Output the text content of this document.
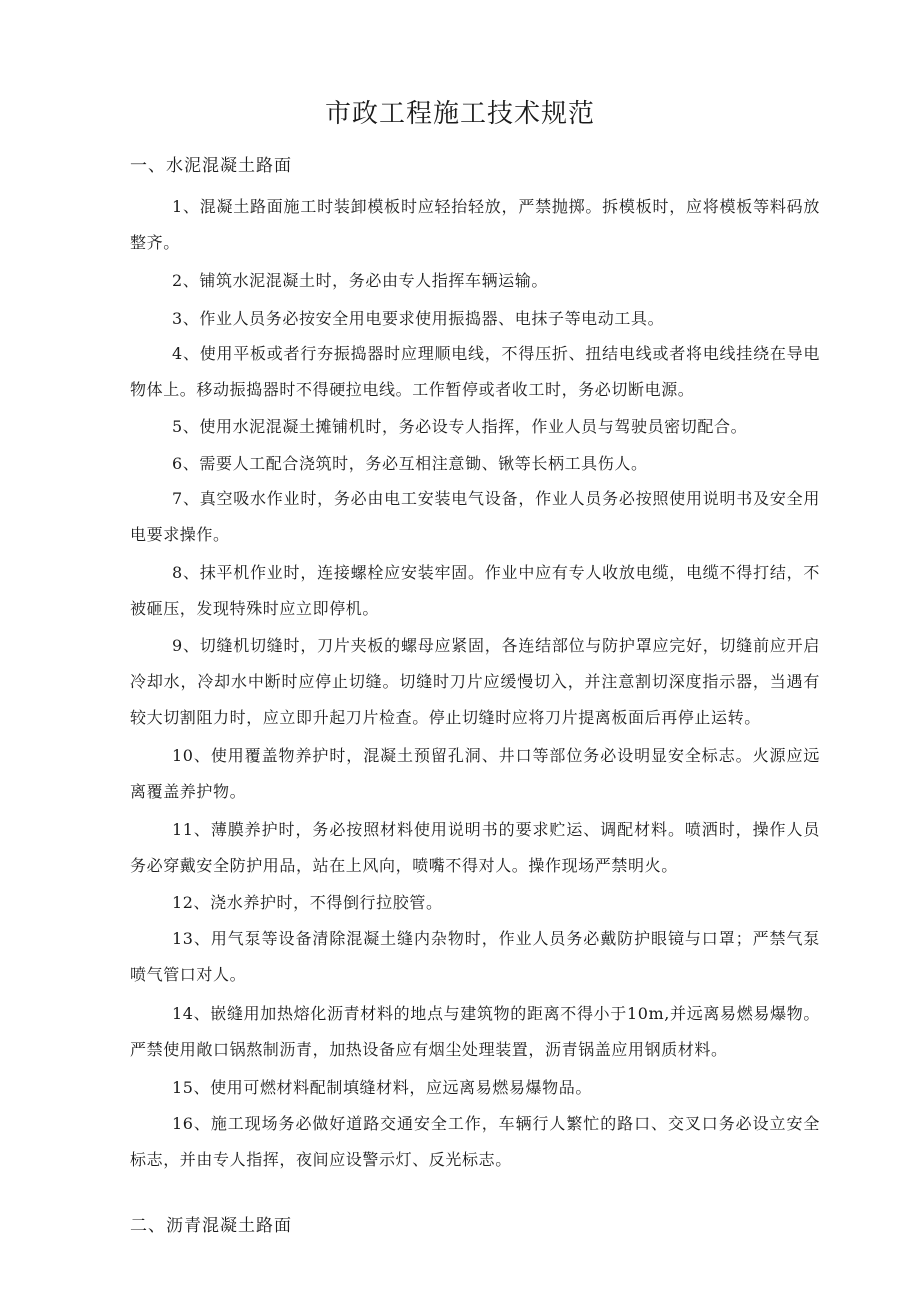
市政工程施工技术规范
一、水泥混凝土路面

1、混凝土路面施工时装卸模板时应轻抬轻放，严禁抛掷。拆模板时，应将模板等料码放整齐。

2、铺筑水泥混凝土时，务必由专人指挥车辆运输。

3、作业人员务必按安全用电要求使用振捣器、电抹子等电动工具。

4、使用平板或者行夯振捣器时应理顺电线，不得压折、扭结电线或者将电线挂绕在导电物体上。移动振捣器时不得硬拉电线。工作暂停或者收工时，务必切断电源。

5、使用水泥混凝土摊铺机时，务必设专人指挥，作业人员与驾驶员密切配合。

6、需要人工配合浇筑时，务必互相注意锄、锹等长柄工具伤人。

7、真空吸水作业时，务必由电工安装电气设备，作业人员务必按照使用说明书及安全用电要求操作。

8、抹平机作业时，连接螺栓应安装牢固。作业中应有专人收放电缆，电缆不得打结，不被砸压，发现特殊时应立即停机。

9、切缝机切缝时，刀片夹板的螺母应紧固，各连结部位与防护罩应完好，切缝前应开启冷却水，冷却水中断时应停止切缝。切缝时刀片应缓慢切入，并注意割切深度指示器，当遇有较大切割阻力时，应立即升起刀片检查。停止切缝时应将刀片提离板面后再停止运转。

10、使用覆盖物养护时，混凝土预留孔洞、井口等部位务必设明显安全标志。火源应远离覆盖养护物。

11、薄膜养护时，务必按照材料使用说明书的要求贮运、调配材料。喷洒时，操作人员务必穿戴安全防护用品，站在上风向，喷嘴不得对人。操作现场严禁明火。

12、浇水养护时，不得倒行拉胶管。

13、用气泵等设备清除混凝土缝内杂物时，作业人员务必戴防护眼镜与口罩；严禁气泵喷气管口对人。

14、嵌缝用加热熔化沥青材料的地点与建筑物的距离不得小于10m,并远离易燃易爆物。严禁使用敞口锅熬制沥青，加热设备应有烟尘处理装置，沥青锅盖应用钢质材料。

15、使用可燃材料配制填缝材料，应远离易燃易爆物品。

16、施工现场务必做好道路交通安全工作，车辆行人繁忙的路口、交叉口务必设立安全标志，并由专人指挥，夜间应设警示灯、反光标志。

二、沥青混凝土路面
